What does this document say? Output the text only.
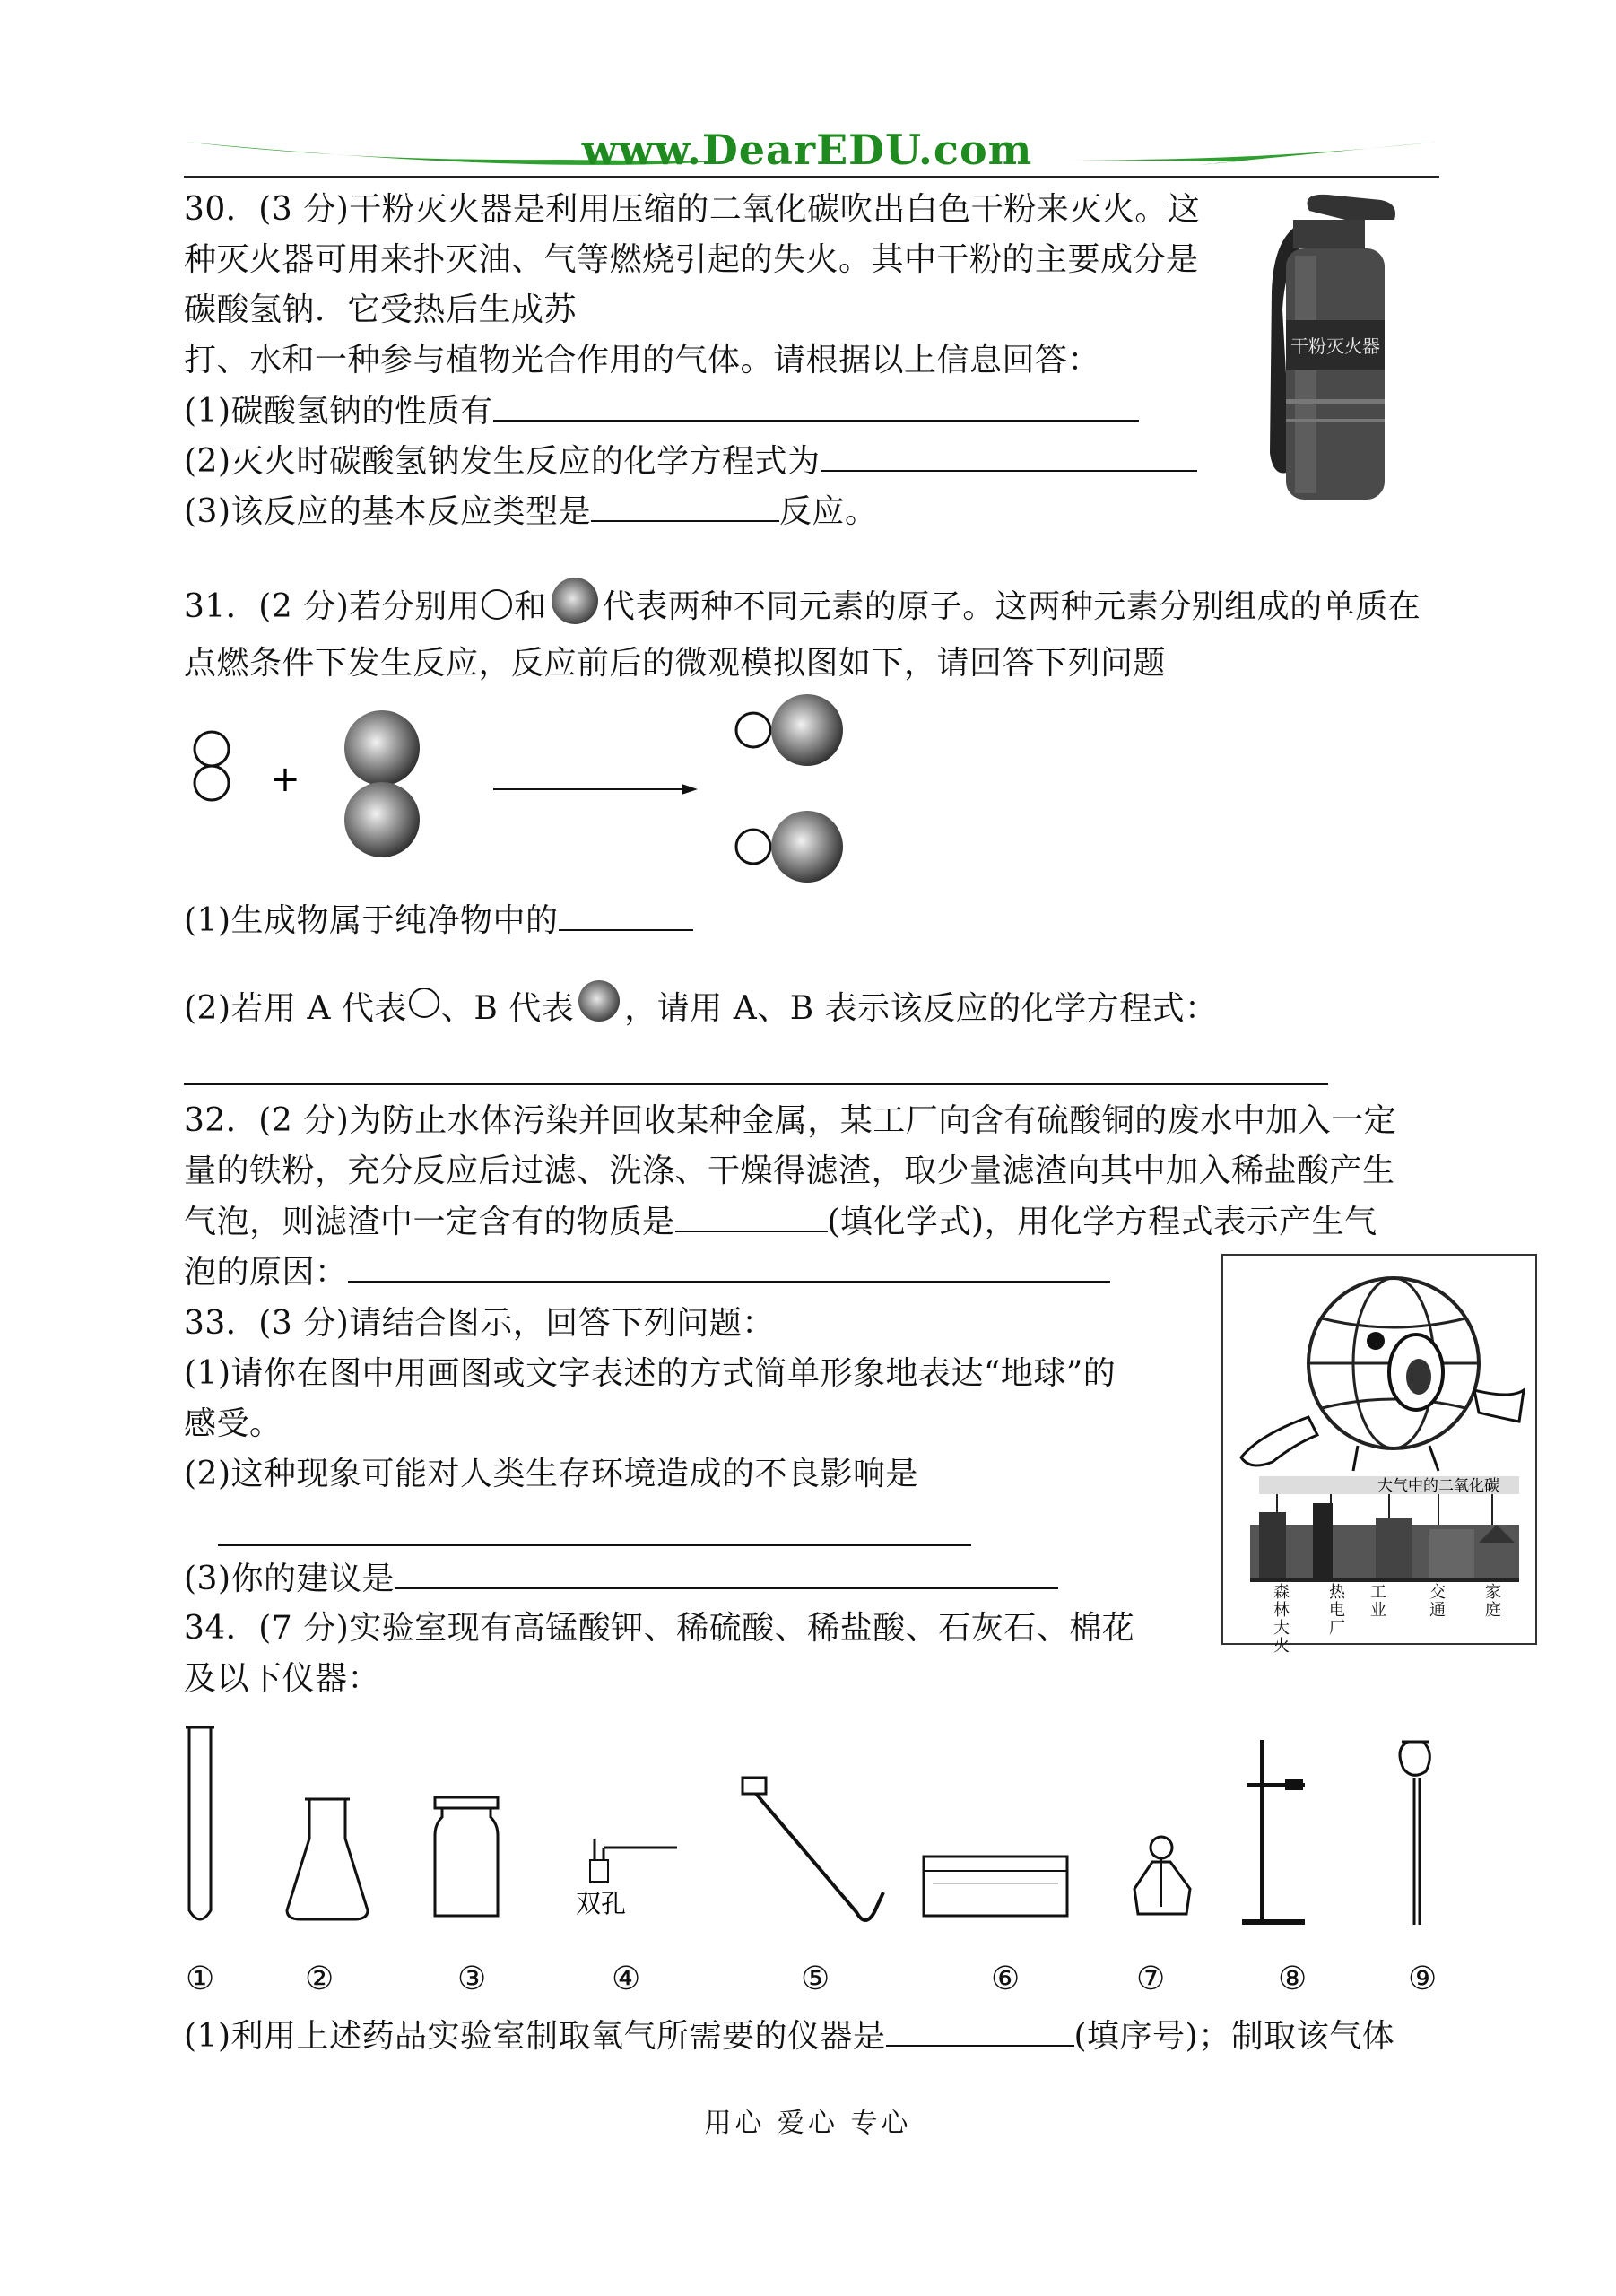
www.DearEDU.com
30．(3 分)干粉灭火器是利用压缩的二氧化碳吹出白色干粉来灭火。这
种灭火器可用来扑灭油、气等燃烧引起的失火。其中干粉的主要成分是
碳酸氢钠．它受热后生成苏
打、水和一种参与植物光合作用的气体。请根据以上信息回答：
(1)碳酸氢钠的性质有
(2)灭火时碳酸氢钠发生反应的化学方程式为
(3)该反应的基本反应类型是	反应。
干粉灭火器
31．(2 分)若分别用 和 代表两种不同元素的原子。这两种元素分别组成的单质在
点燃条件下发生反应，反应前后的微观模拟图如下，请回答下列问题
+
(1)生成物属于纯净物中的
(2)若用 A 代表 、B 代表 ，请用 A、B 表示该反应的化学方程式：
32．(2 分)为防止水体污染并回收某种金属，某工厂向含有硫酸铜的废水中加入一定
量的铁粉，充分反应后过滤、洗涤、干燥得滤渣，取少量滤渣向其中加入稀盐酸产生
气泡，则滤渣中一定含有的物质是	(填化学式)，用化学方程式表示产生气
泡的原因：
33．(3 分)请结合图示，回答下列问题：
(1)请你在图中用画图或文字表述的方式简单形象地表达“地球”的
感受。
(2)这种现象可能对人类生存环境造成的不良影响是
(3)你的建议是
大气中的二氧化碳
森
林
大
火
热
电
厂
工
业
交
通
家
庭
34．(7 分)实验室现有高锰酸钾、稀硫酸、稀盐酸、石灰石、棉花
及以下仪器：
双孔
①	②	③	④	⑤	⑥	⑦	⑧	⑨
(1)利用上述药品实验室制取氧气所需要的仪器是	(填序号)；制取该气体
用心 爱心 专心
